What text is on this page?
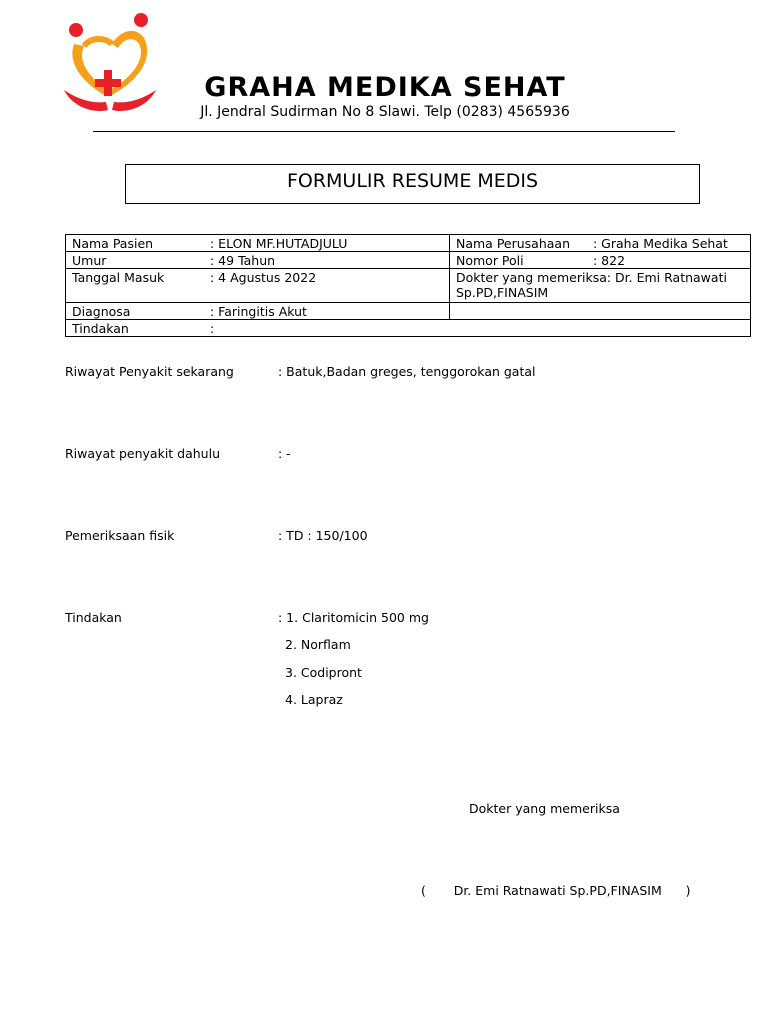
GRAHA MEDIKA SEHAT
Jl. Jendral Sudirman No 8 Slawi. Telp (0283) 4565936
FORMULIR RESUME MEDIS
Nama Pasien : ELON MF.HUTADJULU	Nama Perusahaan : Graha Medika Sehat
Umur : 49 Tahun	Nomor Poli : 822
Tanggal Masuk : 4 Agustus 2022	Dokter yang memeriksa: Dr. Emi Ratnawati
Sp.PD,FINASIM

Diagnosa : Faringitis Akut	
Tindakan :	
Riwayat Penyakit sekarang	: Batuk,Badan greges, tenggorokan gatal
Riwayat penyakit dahulu	: -
Pemeriksaan fisik	: TD : 150/100
Tindakan	: 1. Claritomicin 500 mg
2. Norflam
3. Codipront
4. Lapraz
Dokter yang memeriksa
(       Dr. Emi Ratnawati Sp.PD,FINASIM      )
